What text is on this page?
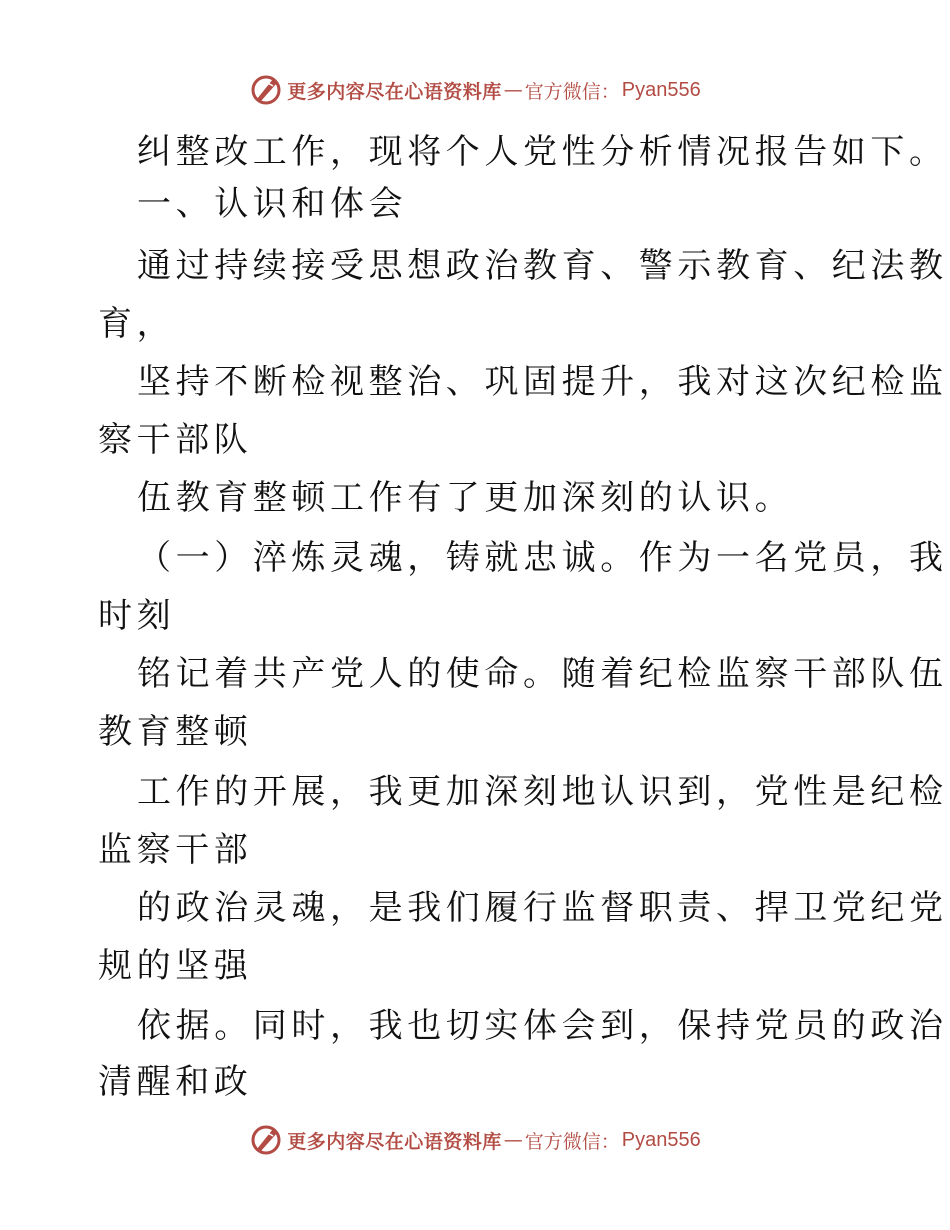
更多内容尽在心语资料库 — 官方微信： Pyan556
纠整改工作，现将个人党性分析情况报告如下。
一、认识和体会
通过持续接受思想政治教育、警示教育、纪法教
育，
坚持不断检视整治、巩固提升，我对这次纪检监
察干部队
伍教育整顿工作有了更加深刻的认识。
（一）淬炼灵魂，铸就忠诚。作为一名党员，我
时刻
铭记着共产党人的使命。随着纪检监察干部队伍
教育整顿
工作的开展，我更加深刻地认识到，党性是纪检
监察干部
的政治灵魂，是我们履行监督职责、捍卫党纪党
规的坚强
依据。同时，我也切实体会到，保持党员的政治
清醒和政
更多内容尽在心语资料库 — 官方微信： Pyan556
